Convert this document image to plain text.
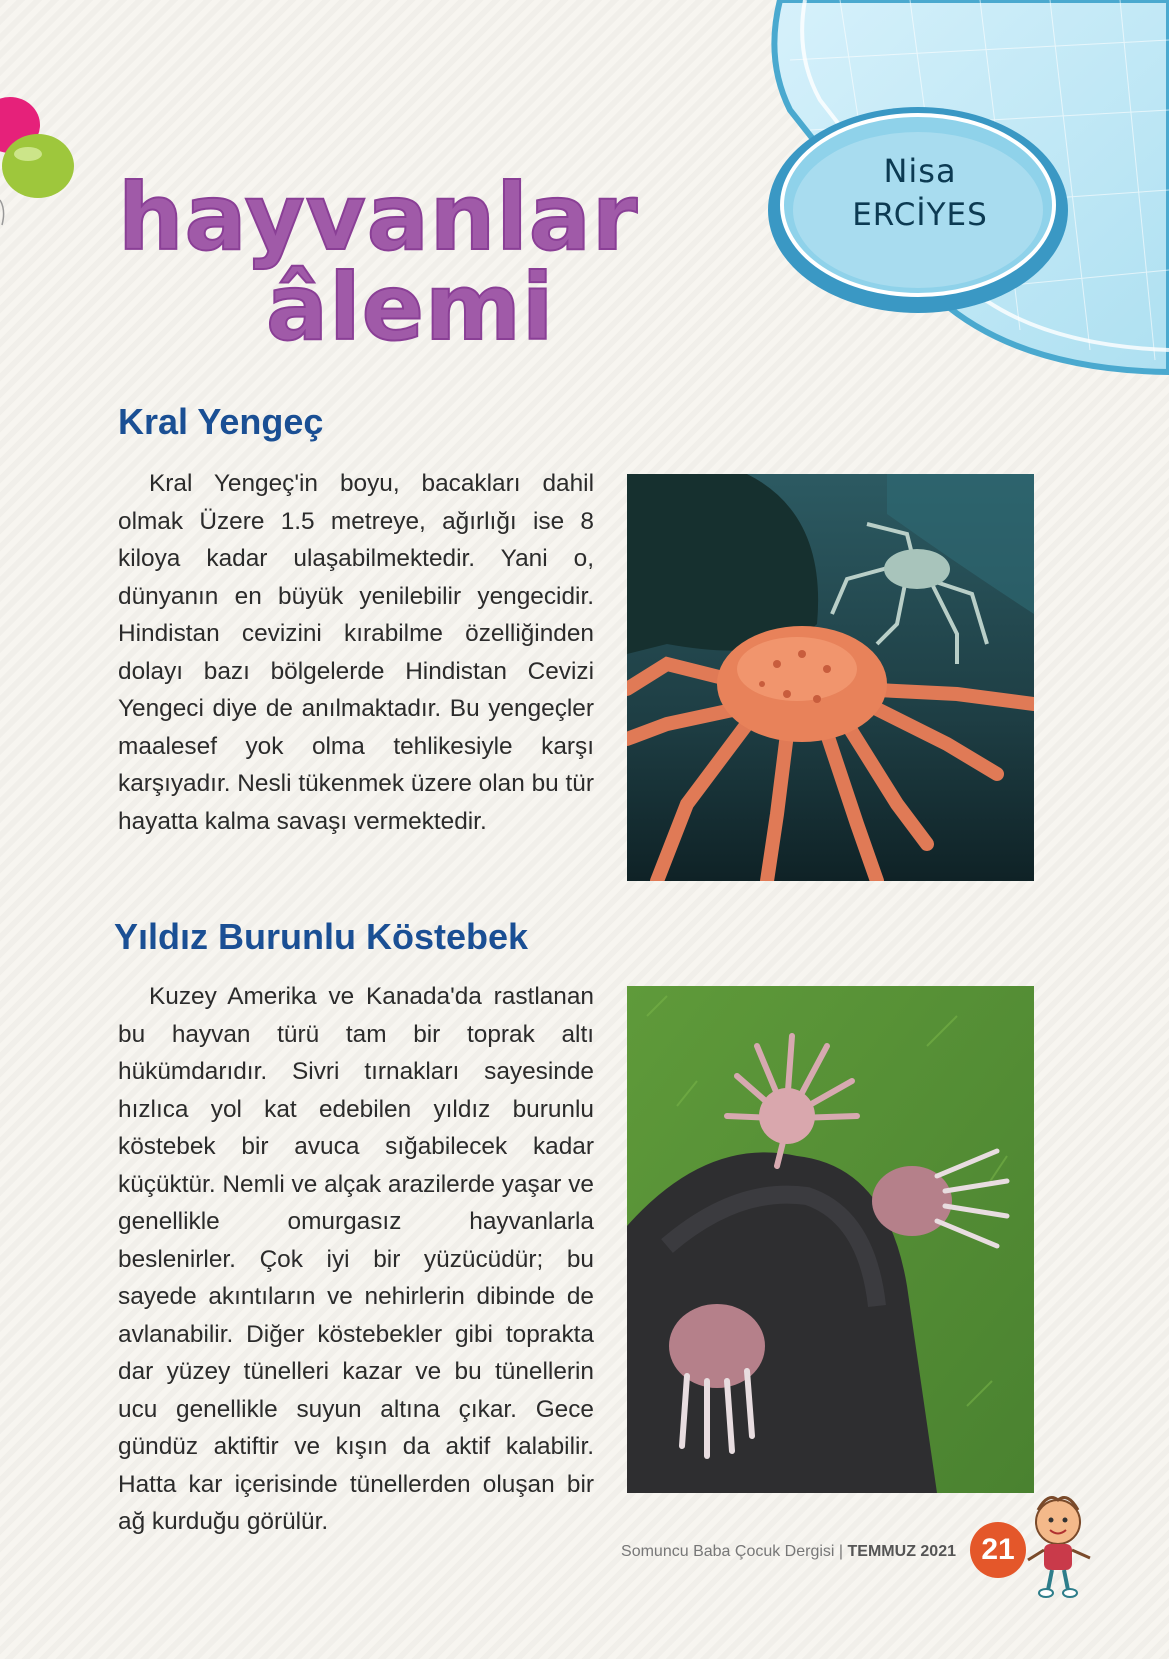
Nisa
ERCİYES
hayvanlar
âlemi
Kral Yengeç

Kral Yengeç'in boyu, bacakları dahil olmak Üzere 1.5 metreye, ağırlığı ise 8 kiloya kadar ulaşabilmektedir. Yani o, dünyanın en büyük yenilebilir yengecidir. Hindistan cevizini kırabilme özelliğinden dolayı bazı bölgelerde Hindistan Cevizi Yengeci diye de anılmaktadır. Bu yengeçler maalesef yok olma tehlikesiyle karşı karşıyadır. Nesli tükenmek üzere olan bu tür hayatta kalma savaşı vermektedir.

Yıldız Burunlu Köstebek

Kuzey Amerika ve Kanada'da rastlanan bu hayvan türü tam bir toprak altı hükümdarıdır. Sivri tırnakları sayesinde hızlıca yol kat edebilen yıldız burunlu köstebek bir avuca sığabilecek kadar küçüktür. Nemli ve alçak arazilerde yaşar ve genellikle omurgasız hayvanlarla beslenirler. Çok iyi bir yüzücüdür; bu sayede akıntıların ve nehirlerin dibinde de avlanabilir. Diğer köstebekler gibi toprakta dar yüzey tünelleri kazar ve bu tünellerin ucu genellikle suyun altına çıkar. Gece gündüz aktiftir ve kışın da aktif kalabilir. Hatta kar içerisinde tünellerden oluşan bir ağ kurduğu görülür.

Somuncu Baba Çocuk Dergisi | TEMMUZ 2021 21
